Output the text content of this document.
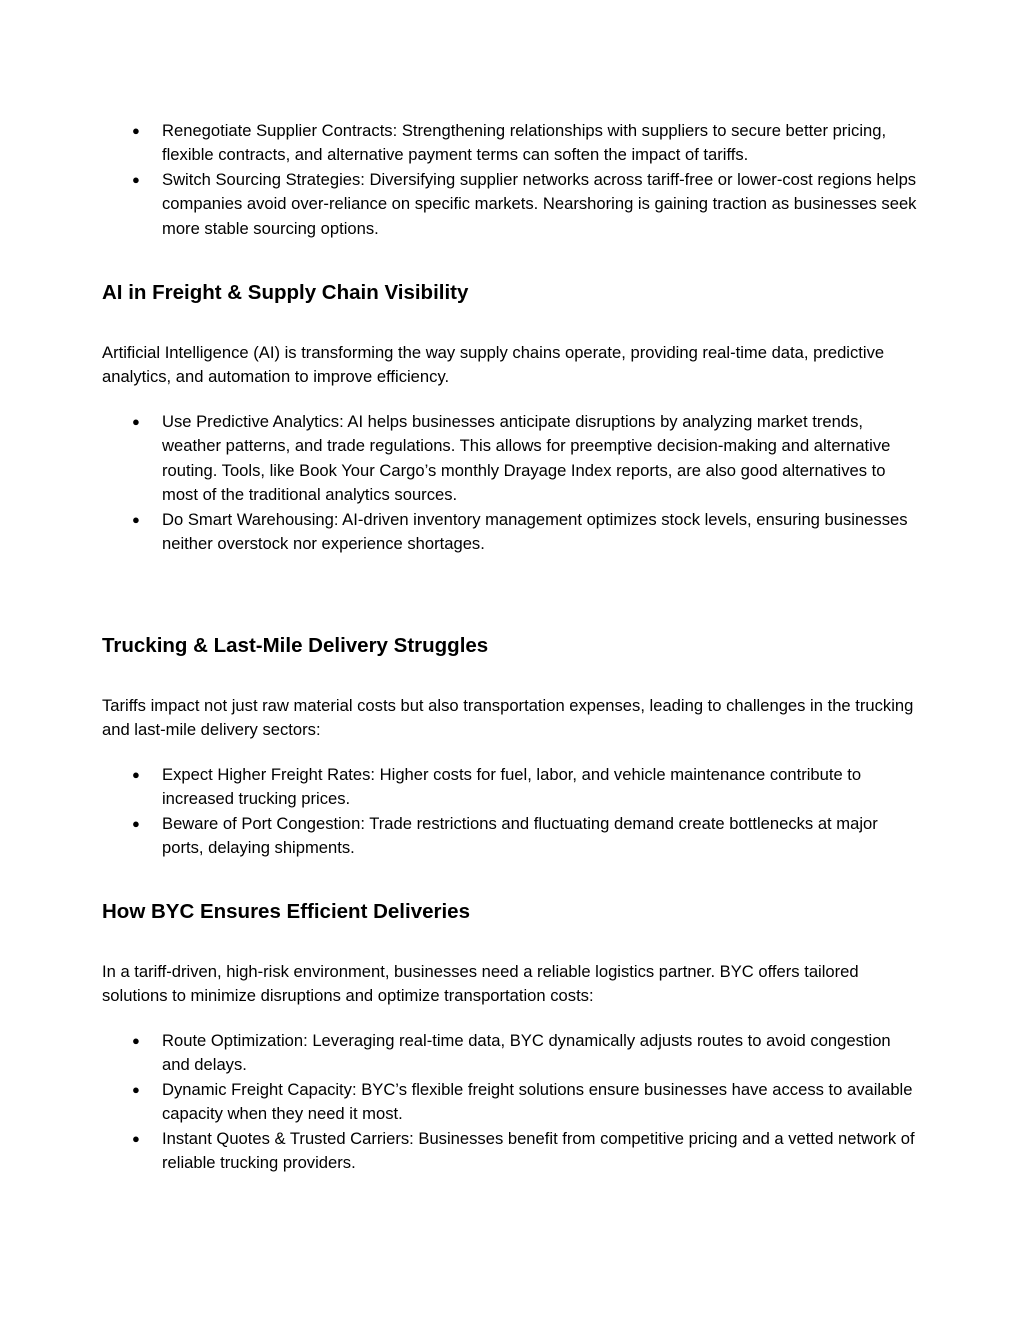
● Renegotiate Supplier Contracts: Strengthening relationships with suppliers to secure better pricing, flexible contracts, and alternative payment terms can soften the impact of tariffs.
● Switch Sourcing Strategies: Diversifying supplier networks across tariff-free or lower-cost regions helps companies avoid over-reliance on specific markets. Nearshoring is gaining traction as businesses seek more stable sourcing options.
AI in Freight & Supply Chain Visibility

Artificial Intelligence (AI) is transforming the way supply chains operate, providing real-time data, predictive analytics, and automation to improve efficiency.

● Use Predictive Analytics: AI helps businesses anticipate disruptions by analyzing market trends, weather patterns, and trade regulations. This allows for preemptive decision-making and alternative routing. Tools, like Book Your Cargo’s monthly Drayage Index reports, are also good alternatives to most of the traditional analytics sources.
● Do Smart Warehousing: AI-driven inventory management optimizes stock levels, ensuring businesses neither overstock nor experience shortages.
Trucking & Last-Mile Delivery Struggles

Tariffs impact not just raw material costs but also transportation expenses, leading to challenges in the trucking and last-mile delivery sectors:

● Expect Higher Freight Rates: Higher costs for fuel, labor, and vehicle maintenance contribute to increased trucking prices.
● Beware of Port Congestion: Trade restrictions and fluctuating demand create bottlenecks at major ports, delaying shipments.
How BYC Ensures Efficient Deliveries

In a tariff-driven, high-risk environment, businesses need a reliable logistics partner. BYC offers tailored solutions to minimize disruptions and optimize transportation costs:

● Route Optimization: Leveraging real-time data, BYC dynamically adjusts routes to avoid congestion and delays.
● Dynamic Freight Capacity: BYC’s flexible freight solutions ensure businesses have access to available capacity when they need it most.
● Instant Quotes & Trusted Carriers: Businesses benefit from competitive pricing and a vetted network of reliable trucking providers.
